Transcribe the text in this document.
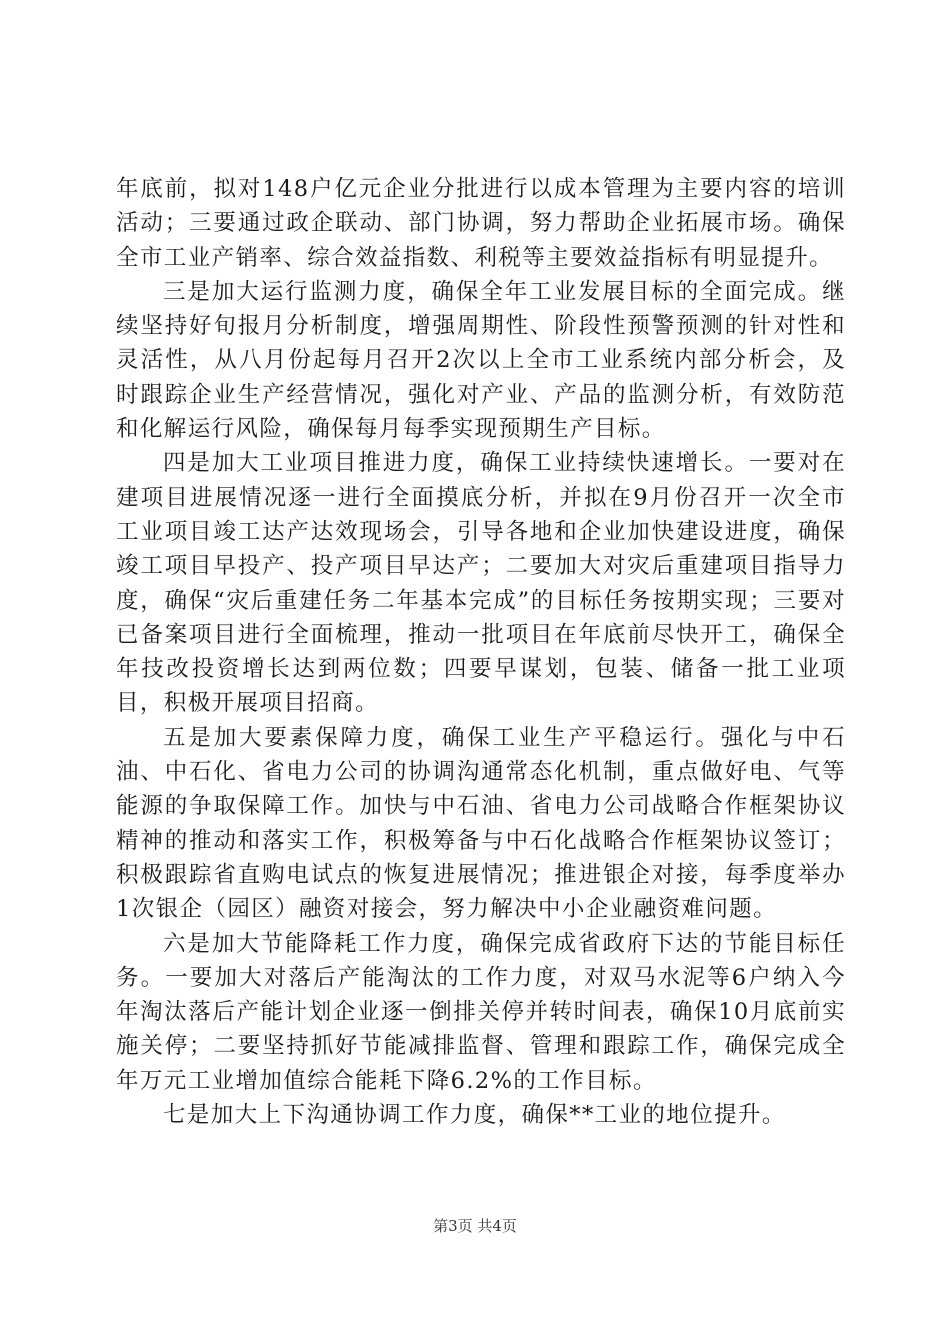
年底前，拟对148户亿元企业分批进行以成本管理为主要内容的培训活动；三要通过政企联动、部门协调，努力帮助企业拓展市场。确保全市工业产销率、综合效益指数、利税等主要效益指标有明显提升。

三是加大运行监测力度，确保全年工业发展目标的全面完成。继续坚持好旬报月分析制度，增强周期性、阶段性预警预测的针对性和灵活性，从八月份起每月召开2次以上全市工业系统内部分析会，及时跟踪企业生产经营情况，强化对产业、产品的监测分析，有效防范和化解运行风险，确保每月每季实现预期生产目标。

四是加大工业项目推进力度，确保工业持续快速增长。一要对在建项目进展情况逐一进行全面摸底分析，并拟在9月份召开一次全市工业项目竣工达产达效现场会，引导各地和企业加快建设进度，确保竣工项目早投产、投产项目早达产；二要加大对灾后重建项目指导力度，确保“灾后重建任务二年基本完成”的目标任务按期实现；三要对已备案项目进行全面梳理，推动一批项目在年底前尽快开工，确保全年技改投资增长达到两位数；四要早谋划，包装、储备一批工业项目，积极开展项目招商。

五是加大要素保障力度，确保工业生产平稳运行。强化与中石油、中石化、省电力公司的协调沟通常态化机制，重点做好电、气等能源的争取保障工作。加快与中石油、省电力公司战略合作框架协议精神的推动和落实工作，积极筹备与中石化战略合作框架协议签订；积极跟踪省直购电试点的恢复进展情况；推进银企对接，每季度举办1次银企（园区）融资对接会，努力解决中小企业融资难问题。

六是加大节能降耗工作力度，确保完成省政府下达的节能目标任务。一要加大对落后产能淘汰的工作力度，对双马水泥等6户纳入今年淘汰落后产能计划企业逐一倒排关停并转时间表，确保10月底前实施关停；二要坚持抓好节能减排监督、管理和跟踪工作，确保完成全年万元工业增加值综合能耗下降6.2%的工作目标。

七是加大上下沟通协调工作力度，确保**工业的地位提升。

第3页 共4页
